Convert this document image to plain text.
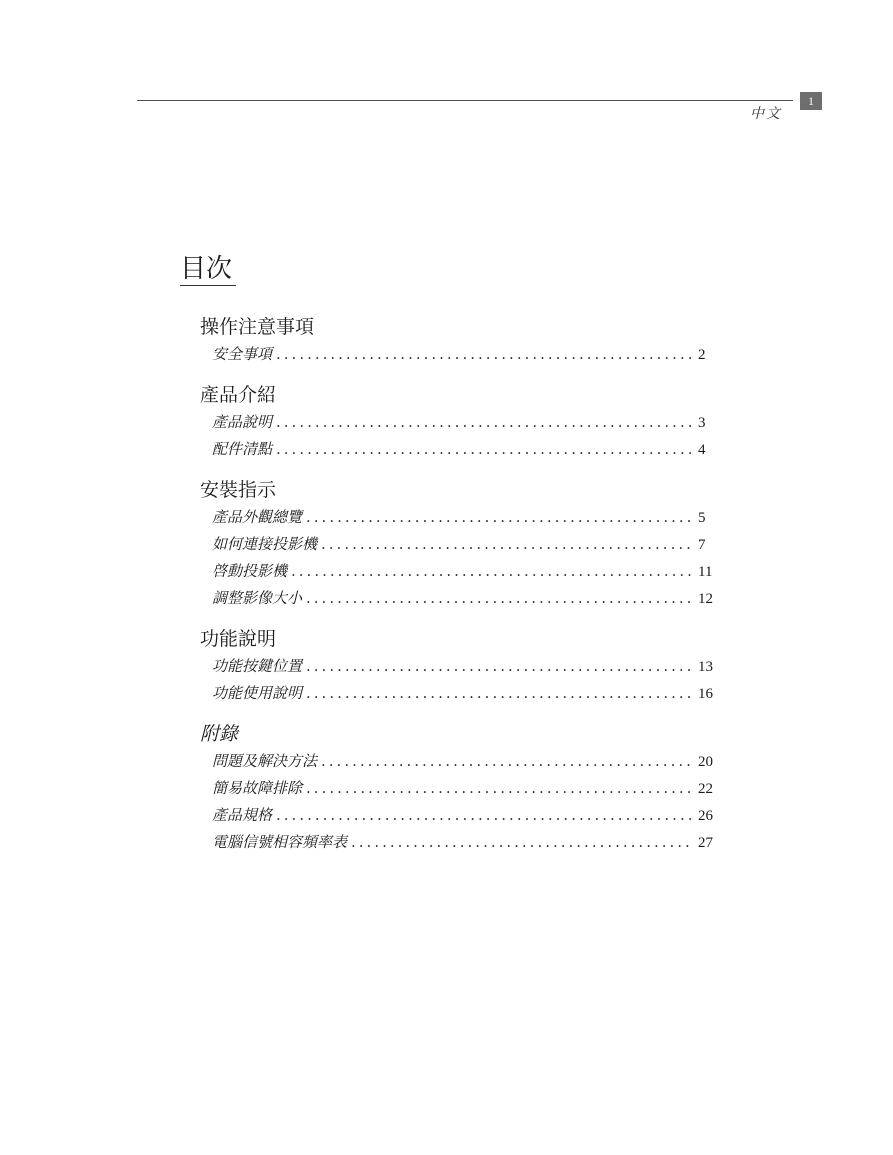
中文
1
目次
操作注意事項
安全事項 .....	2
產品介紹
產品說明 .....	3
配件清點 .....	4
安裝指示
產品外觀總覽 .....	5
如何連接投影機 .....	7
啓動投影機 .....	11
調整影像大小 .....	12
功能說明
功能按鍵位置 .....	13
功能使用說明 .....	16
附錄
問題及解決方法 .....	20
簡易故障排除 .....	22
產品規格 .....	26
電腦信號相容頻率表 .....	27
